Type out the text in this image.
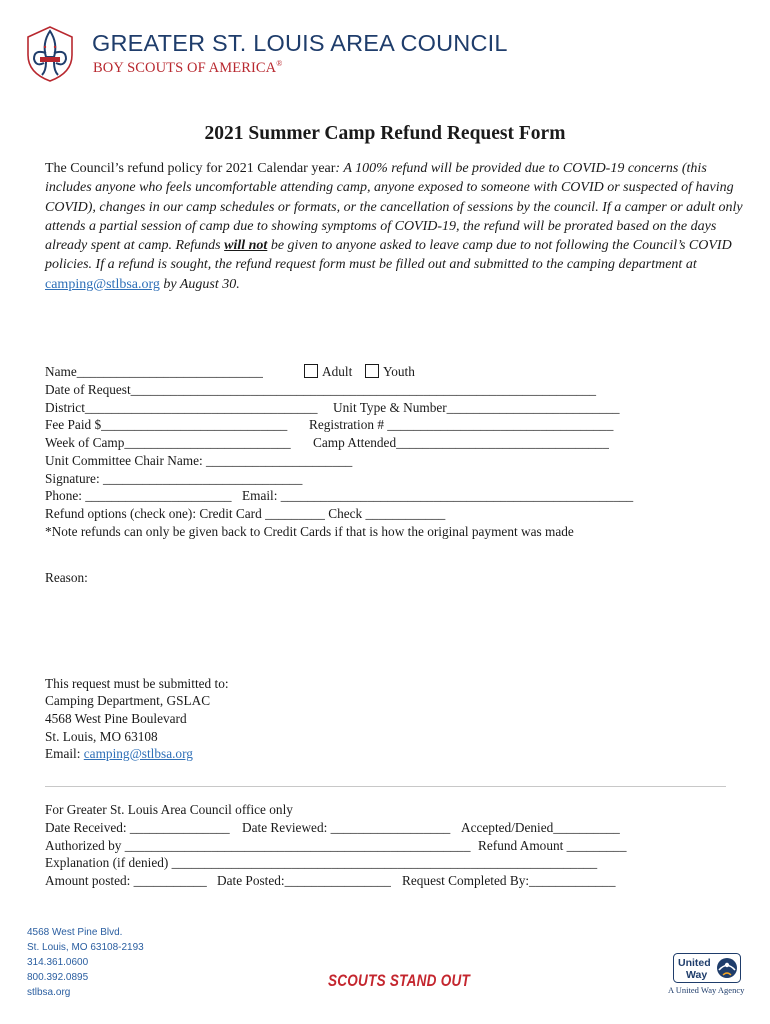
GREATER ST. LOUIS AREA COUNCIL
BOY SCOUTS OF AMERICA®
2021 Summer Camp Refund Request Form
The Council’s refund policy for 2021 Calendar year: A 100% refund will be provided due to COVID-19 concerns (this includes anyone who feels uncomfortable attending camp, anyone exposed to someone with COVID or suspected of having COVID), changes in our camp schedules or formats, or the cancellation of sessions by the council. If a camper or adult only attends a partial session of camp due to showing symptoms of COVID-19, the refund will be prorated based on the days already spent at camp. Refunds will not be given to anyone asked to leave camp due to not following the Council’s COVID policies. If a refund is sought, the refund request form must be filled out and submitted to the camping department at camping@stlbsa.org by August 30.
Name____________________________	Adult Youth
Date of Request______________________________________________________________________
District___________________________________ Unit Type & Number__________________________
Fee Paid $____________________________ Registration # __________________________________
Week of Camp_________________________ Camp Attended________________________________
Unit Committee Chair Name: ______________________
Signature: ______________________________
Phone: ______________________ Email: _____________________________________________________
Refund options (check one): Credit Card _________ Check ____________
*Note refunds can only be given back to Credit Cards if that is how the original payment was made
Reason:
This request must be submitted to:
Camping Department, GSLAC
4568 West Pine Boulevard
St. Louis, MO 63108
Email: camping@stlbsa.org
For Greater St. Louis Area Council office only
Date Received: _______________ Date Reviewed: __________________ Accepted/Denied__________
Authorized by ____________________________________________________ Refund Amount _________
Explanation (if denied) ________________________________________________________________
Amount posted: ___________ Date Posted:________________ Request Completed By:_____________
4568 West Pine Blvd.
St. Louis, MO 63108-2193
314.361.0600
800.392.0895
stlbsa.org
SCOUTS STAND OUT
United
Way
A United Way Agency
